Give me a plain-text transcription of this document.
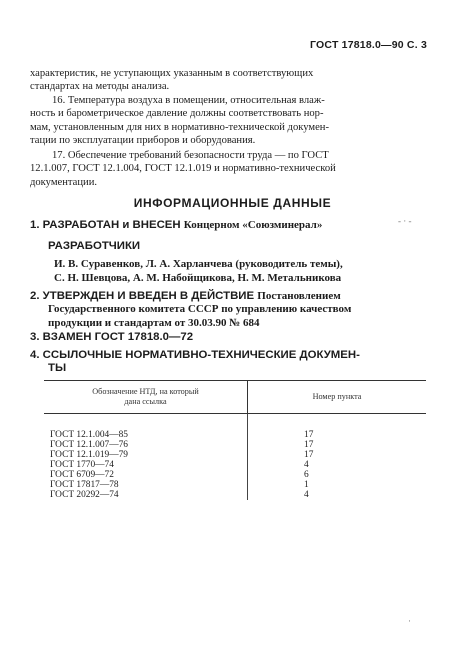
ГОСТ 17818.0—90 С. 3
характеристик, не уступающих указанным в соответствующих
стандартах на методы анализа.
16. Температура воздуха в помещении, относительная влаж-
ность и барометрическое давление должны соответствовать нор-
мам, установленным для них в нормативно-технической докумен-
тации по эксплуатации приборов и оборудования.
17. Обеспечение требований безопасности труда — по ГОСТ
12.1.007, ГОСТ 12.1.004, ГОСТ 12.1.019 и нормативно-технической
документации.
ИНФОРМАЦИОННЫЕ ДАННЫЕ
1. РАЗРАБОТАН и ВНЕСЕН Концерном «Союзминерал»	- · -
РАЗРАБОТЧИКИ
И. В. Суравенков, Л. А. Харланчева (руководитель темы),
С. Н. Шевцова, А. М. Набойщикова, Н. М. Метальникова
2. УТВЕРЖДЕН И ВВЕДЕН В ДЕЙСТВИЕ Постановлением
Государственного комитета СССР по управлению качеством
продукции и стандартам от 30.03.90 № 684
3. ВЗАМЕН ГОСТ 17818.0—72
4. ССЫЛОЧНЫЕ НОРМАТИВНО-ТЕХНИЧЕСКИЕ ДОКУМЕН-
ТЫ
Обозначение НТД, на который
дана ссылка	Номер пункта
ГОСТ 12.1.004—85	17
ГОСТ 12.1.007—76	17
ГОСТ 12.1.019—79	17
ГОСТ 1770—74	4
ГОСТ 6709—72	6
ГОСТ 17817—78	1
ГОСТ 20292—74	4
·
